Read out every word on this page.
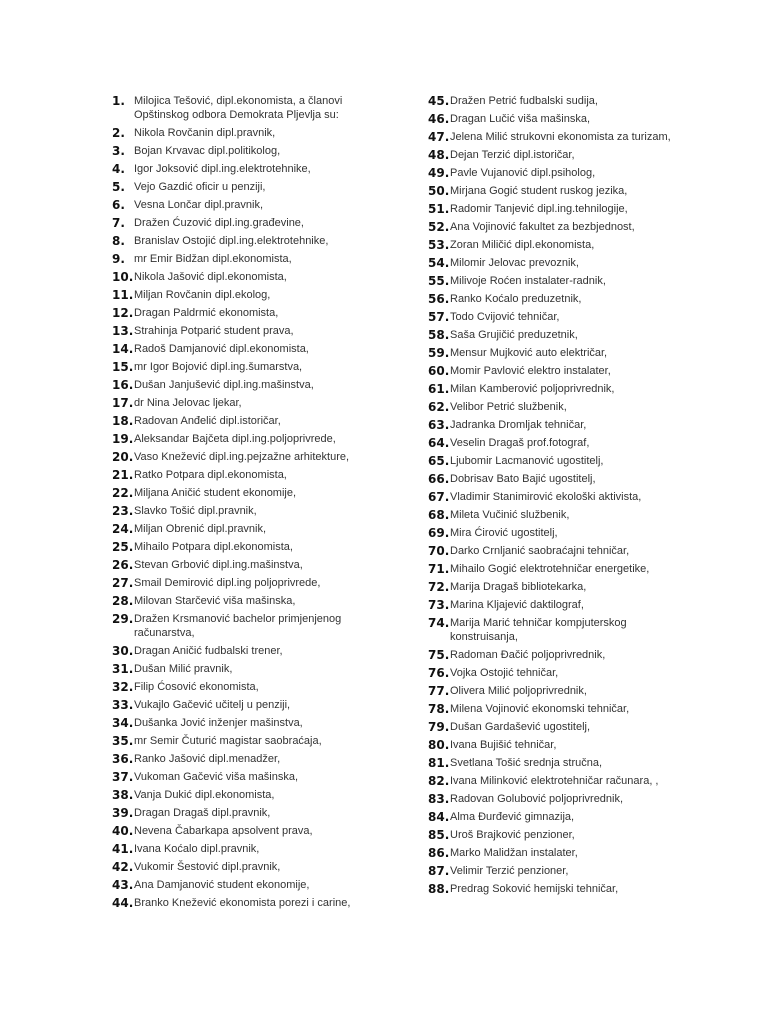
1. Milojica Tešović, dipl.ekonomista, a članovi
Opštinskog odbora Demokrata Pljevlja su:
2. Nikola Rovčanin dipl.pravnik,
3. Bojan Krvavac dipl.politikolog,
4. Igor Joksović dipl.ing.elektrotehnike,
5. Vejo Gazdić oficir u penziji,
6. Vesna Lončar dipl.pravnik,
7. Dražen Ćuzović dipl.ing.građevine,
8. Branislav Ostojić dipl.ing.elektrotehnike,
9. mr Emir Bidžan dipl.ekonomista,
10. Nikola Jašović dipl.ekonomista,
11. Miljan Rovčanin dipl.ekolog,
12. Dragan Paldrmić ekonomista,
13. Strahinja Potparić student prava,
14. Radoš Damjanović dipl.ekonomista,
15. mr Igor Bojović dipl.ing.šumarstva,
16. Dušan Janjušević dipl.ing.mašinstva,
17. dr Nina Jelovac ljekar,
18. Radovan Anđelić dipl.istoričar,
19. Aleksandar Bajčeta dipl.ing.poljoprivrede,
20. Vaso Knežević dipl.ing.pejzažne arhitekture,
21. Ratko Potpara dipl.ekonomista,
22. Miljana Aničić student ekonomije,
23. Slavko Tošić dipl.pravnik,
24. Miljan Obrenić dipl.pravnik,
25. Mihailo Potpara dipl.ekonomista,
26. Stevan Grbović dipl.ing.mašinstva,
27. Smail Demirović dipl.ing poljoprivrede,
28. Milovan Starčević viša mašinska,
29. Dražen Krsmanović bachelor primjenjenog
računarstva,
30. Dragan Aničić fudbalski trener,
31. Dušan Milić pravnik,
32. Filip Ćosović ekonomista,
33. Vukajlo Gačević učitelj u penziji,
34. Dušanka Jović inženjer mašinstva,
35. mr Semir Čuturić magistar saobraćaja,
36. Ranko Jašović dipl.menadžer,
37. Vukoman Gačević viša mašinska,
38. Vanja Dukić dipl.ekonomista,
39. Dragan Dragaš dipl.pravnik,
40. Nevena Čabarkapa apsolvent prava,
41. Ivana Koćalo dipl.pravnik,
42. Vukomir Šestović dipl.pravnik,
43. Ana Damjanović student ekonomije,
44. Branko Knežević ekonomista porezi i carine,
45. Dražen Petrić fudbalski sudija,
46. Dragan Lučić viša mašinska,
47. Jelena Milić strukovni ekonomista za turizam,
48. Dejan Terzić dipl.istoričar,
49. Pavle Vujanović dipl.psiholog,
50. Mirjana Gogić student ruskog jezika,
51. Radomir Tanjević dipl.ing.tehnilogije,
52. Ana Vojinović fakultet za bezbjednost,
53. Zoran Miličić dipl.ekonomista,
54. Milomir Jelovac prevoznik,
55. Milivoje Roćen instalater-radnik,
56. Ranko Koćalo preduzetnik,
57. Todo Cvijović tehničar,
58. Saša Grujičić preduzetnik,
59. Mensur Mujković auto električar,
60. Momir Pavlović elektro instalater,
61. Milan Kamberović poljoprivrednik,
62. Velibor Petrić službenik,
63. Jadranka Dromljak tehničar,
64. Veselin Dragaš prof.fotograf,
65. Ljubomir Lacmanović ugostitelj,
66. Dobrisav Bato Bajić ugostitelj,
67. Vladimir Stanimirović ekološki aktivista,
68. Mileta Vučinić službenik,
69. Mira Ćirović ugostitelj,
70. Darko Crnljanić saobraćajni tehničar,
71. Mihailo Gogić elektrotehničar energetike,
72. Marija Dragaš bibliotekarka,
73. Marina Kljajević daktilograf,
74. Marija Marić tehničar kompjuterskog
konstruisanja,
75. Radoman Đačić poljoprivrednik,
76. Vojka Ostojić tehničar,
77. Olivera Milić poljoprivrednik,
78. Milena Vojinović ekonomski tehničar,
79. Dušan Gardašević ugostitelj,
80. Ivana Bujišić tehničar,
81. Svetlana Tošić srednja stručna,
82. Ivana Milinković elektrotehničar računara, ,
83. Radovan Golubović poljoprivrednik,
84. Alma Đurđević gimnazija,
85. Uroš Brajković penzioner,
86. Marko Malidžan instalater,
87. Velimir Terzić penzioner,
88. Predrag Soković hemijski tehničar,
